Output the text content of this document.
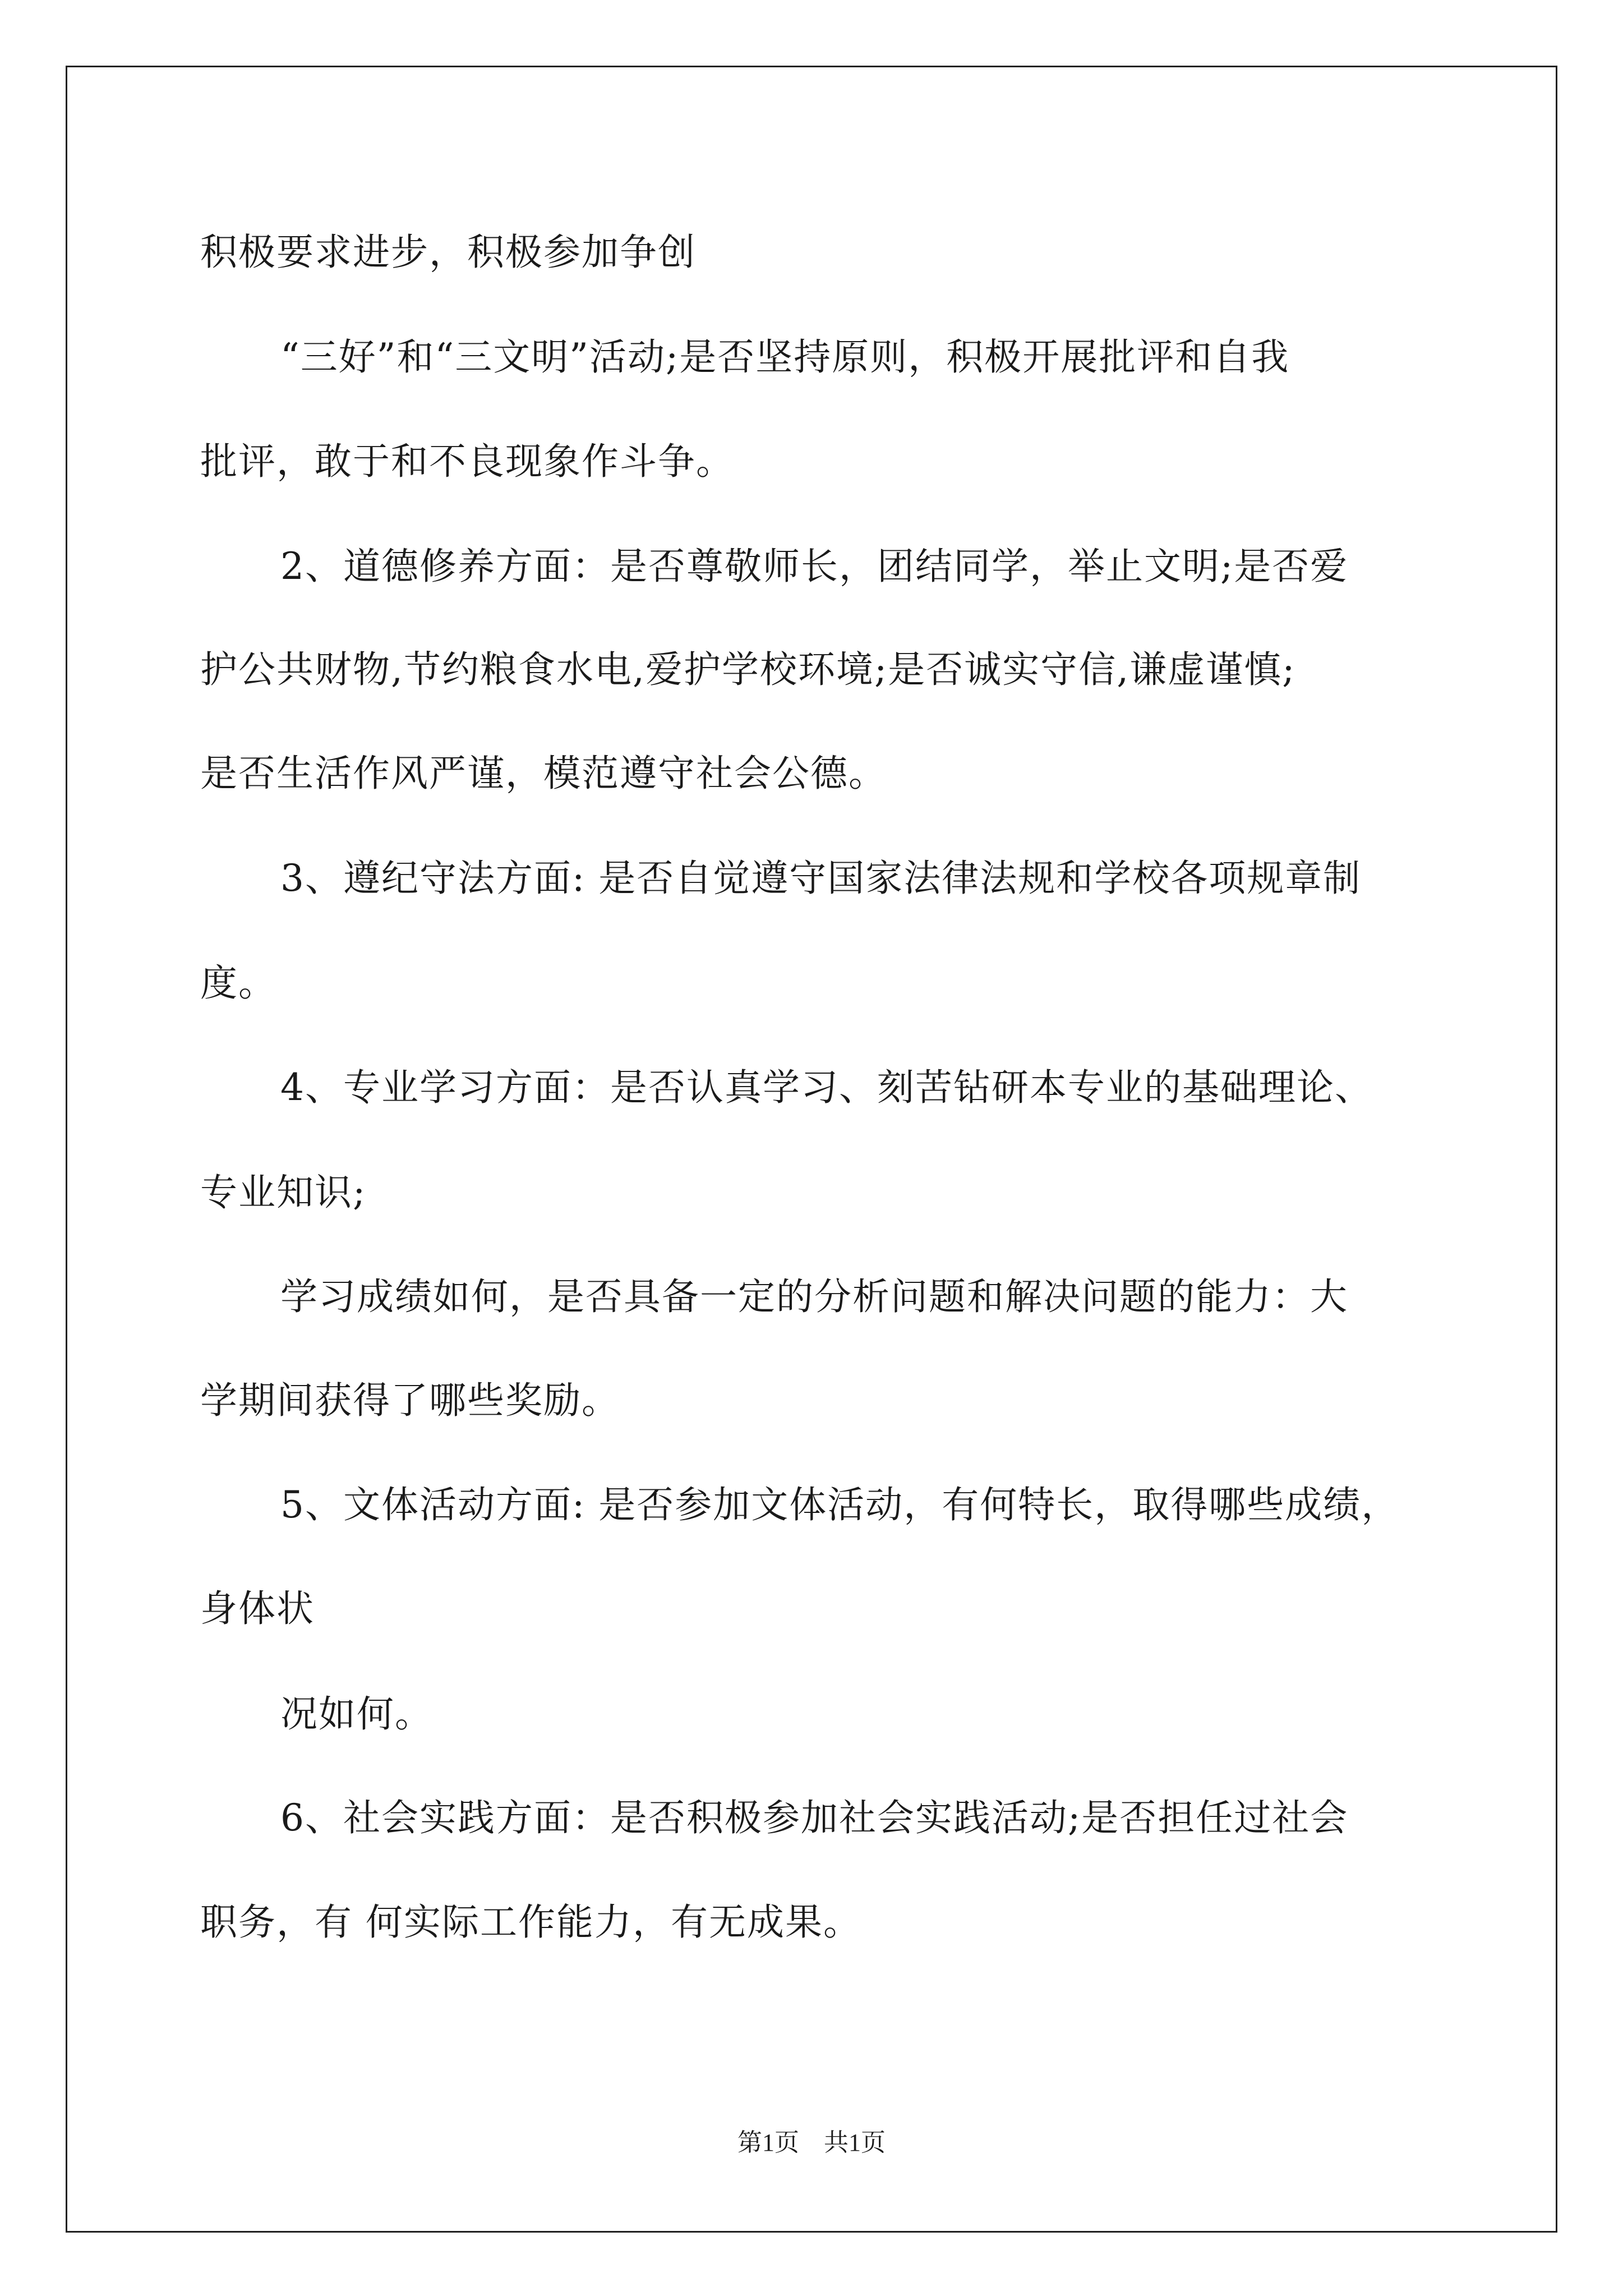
积极要求进步，积极参加争创
“三好”和“三文明”活动;是否坚持原则，积极开展批评和自我
批评，敢于和不良现象作斗争。
2、道德修养方面：是否尊敬师长，团结同学，举止文明;是否爱
护公共财物,节约粮食水电,爱护学校环境;是否诚实守信,谦虚谨慎;
是否生活作风严谨，模范遵守社会公德。
3、遵纪守法方面: 是否自觉遵守国家法律法规和学校各项规章制
度。
4、专业学习方面：是否认真学习、刻苦钻研本专业的基础理论、
专业知识;
学习成绩如何，是否具备一定的分析问题和解决问题的能力：大
学期间获得了哪些奖励。
5、文体活动方面: 是否参加文体活动，有何特长，取得哪些成绩，
身体状
况如何。
6、社会实践方面：是否积极参加社会实践活动;是否担任过社会
职务，有 何实际工作能力，有无成果。
第1页    共1页
